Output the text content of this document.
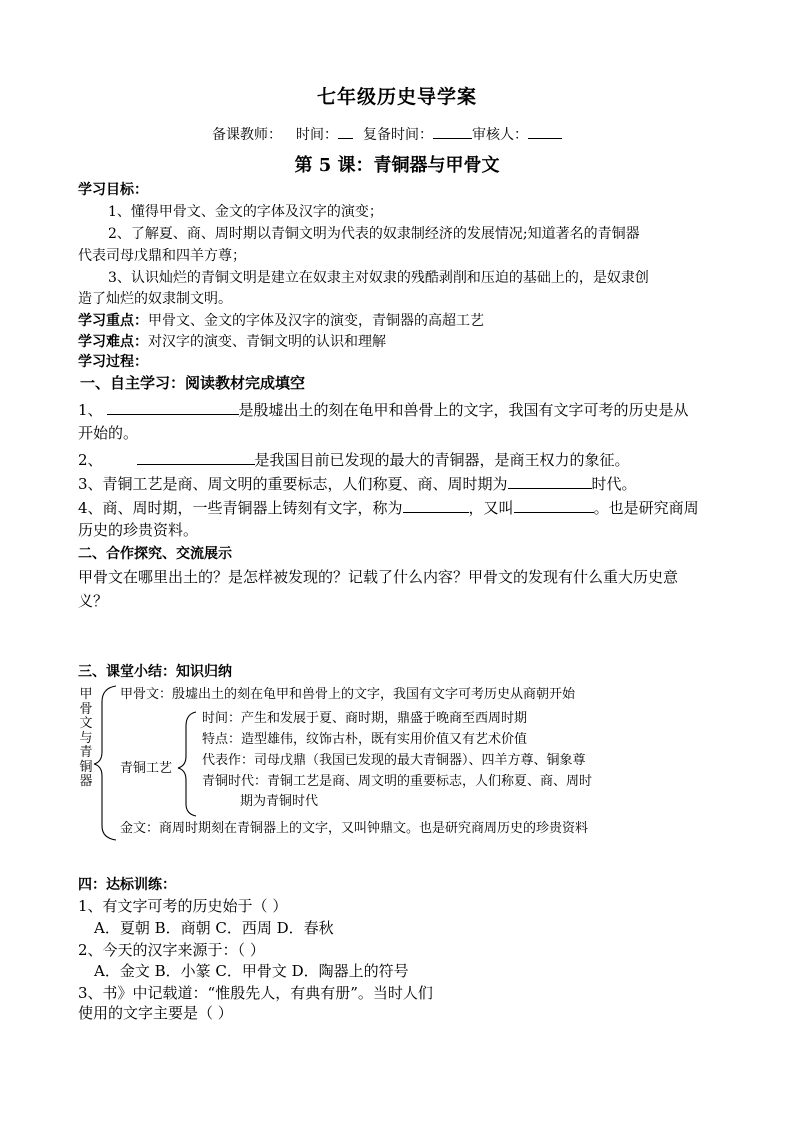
七年级历史导学案
备课教师： 时间： 复备时间：	审核人：
第 5 课：青铜器与甲骨文
学习目标：
1、懂得甲骨文、金文的字体及汉字的演变；
2、了解夏、商、周时期以青铜文明为代表的奴隶制经济的发展情况;知道著名的青铜器
代表司母戊鼎和四羊方尊；
3、认识灿烂的青铜文明是建立在奴隶主对奴隶的残酷剥削和压迫的基础上的，是奴隶创
造了灿烂的奴隶制文明。
学习重点：甲骨文、金文的字体及汉字的演变，青铜器的高超工艺
学习难点：对汉字的演变、青铜文明的认识和理解
学习过程：
一、自主学习：阅读教材完成填空
1、	是殷墟出土的刻在龟甲和兽骨上的文字，我国有文字可考的历史是从
开始的。
2、	是我国目前已发现的最大的青铜器，是商王权力的象征。
3、青铜工艺是商、周文明的重要标志，人们称夏、商、周时期为	时代。
4、商、周时期，一些青铜器上铸刻有文字，称为	，又叫	。也是研究商周
历史的珍贵资料。
二、合作探究、交流展示
甲骨文在哪里出土的？是怎样被发现的？记载了什么内容？甲骨文的发现有什么重大历史意
义？
三、课堂小结：知识归纳
甲骨文与青铜器
甲骨文：殷墟出土的刻在龟甲和兽骨上的文字，我国有文字可考历史从商朝开始
青铜工艺
时间：产生和发展于夏、商时期，鼎盛于晚商至西周时期
特点：造型雄伟，纹饰古朴，既有实用价值又有艺术价值
代表作：司母戊鼎（我国已发现的最大青铜器）、四羊方尊、铜象尊
青铜时代：青铜工艺是商、周文明的重要标志，人们称夏、商、周时
期为青铜时代
金文：商周时期刻在青铜器上的文字，又叫钟鼎文。也是研究商周历史的珍贵资料
四：达标训练：
1、有文字可考的历史始于（ ）
A．夏朝 B．商朝 C．西周 D．春秋
2、今天的汉字来源于：（ ）
A．金文 B．小篆 C．甲骨文 D．陶器上的符号
3、书》中记载道：“惟殷先人，有典有册”。当时人们
使用的文字主要是（ ）
